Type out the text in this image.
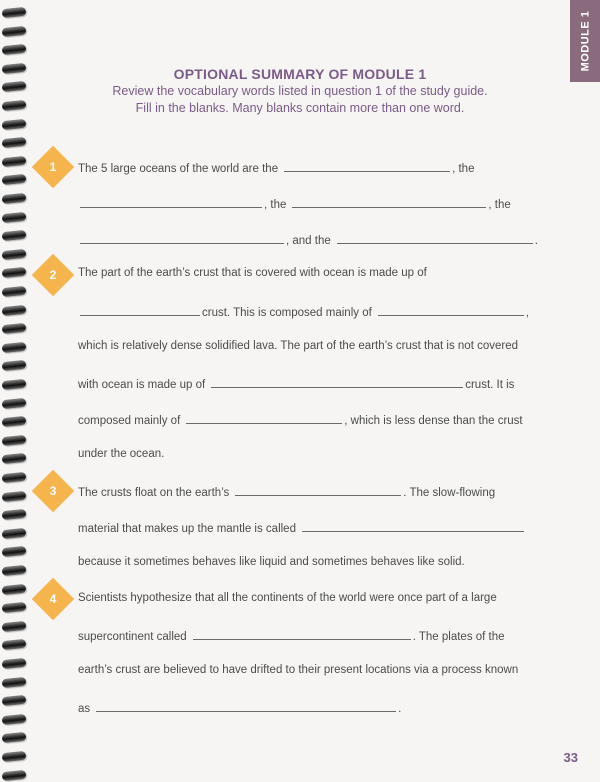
MODULE 1
OPTIONAL SUMMARY OF MODULE 1
Review the vocabulary words listed in question 1 of the study guide.
Fill in the blanks. Many blanks contain more than one word.
1	The 5 large oceans of the world are the	, the
, the	, the
, and the	.
2	The part of the earth’s crust that is covered with ocean is made up of
crust. This is composed mainly of	,
which is relatively dense solidified lava. The part of the earth’s crust that is not covered
with ocean is made up of	crust. It is
composed mainly of	, which is less dense than the crust
under the ocean.
3	The crusts float on the earth’s	. The slow-flowing
material that makes up the mantle is called
because it sometimes behaves like liquid and sometimes behaves like solid.
4	Scientists hypothesize that all the continents of the world were once part of a large
supercontinent called	. The plates of the
earth’s crust are believed to have drifted to their present locations via a process known
as	.
33
